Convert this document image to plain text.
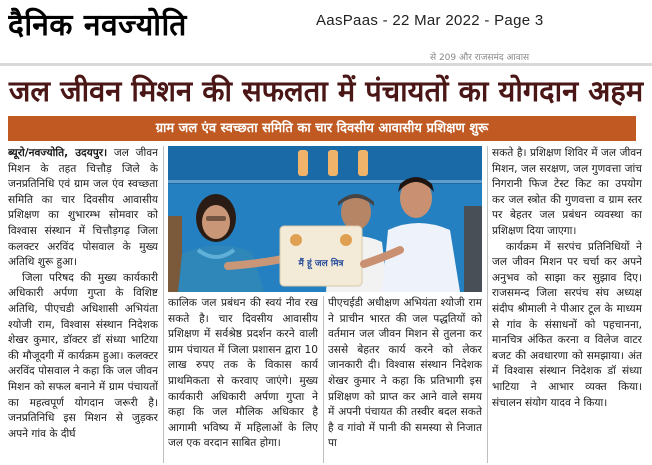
दैनिक नवज्योति	AasPaas - 22 Mar 2022 - Page 3
से 209 और राजसमंद आवास
जल जीवन मिशन की सफलता में पंचायतों का योगदान अहम
ग्राम जल एंव स्वच्छता समिति का चार दिवसीय आवासीय प्रशिक्षण शुरू

ब्यूरो/नवज्योति, उदयपुर। जल जीवन मिशन के तहत चित्तौड़ जिले के जनप्रतिनिधि एवं ग्राम जल एंव स्वच्छता समिति का चार दिवसीय आवासीय प्रशिक्षण का शुभारम्भ सोमवार को विश्वास संस्थान में चित्तौड़गढ़ जिला कलक्टर अरविंद पोसवाल के मुख्य अतिथि शुरू हुआ।

जिला परिषद की मुख्य कार्यकारी अधिकारी अर्पणा गुप्ता के विशिष्ट अतिथि, पीएचडी अधिशासी अभियंता श्योजी राम, विश्वास संस्थान निदेशक शेखर कुमार, डॉक्टर डॉ संध्या भाटिया की मौजूदगी में कार्यक्रम हुआ। कलक्टर अरविंद पोसवाल ने कहा कि जल जीवन मिशन को सफल बनाने में ग्राम पंचायतों का महत्वपूर्ण योगदान जरूरी है। जनप्रतिनिधि इस मिशन से जुड़कर अपने गांव के दीर्घ

मैं हूं जल मित्र

कालिक जल प्रबंधन की स्वयं नीव रख सकते है। चार दिवसीय आवासीय प्रशिक्षण में सर्वश्रेष्ठ प्रदर्शन करने वाली ग्राम पंचायत में जिला प्रशासन द्वारा 10 लाख रुपए तक के विकास कार्य प्राथमिकता से करवाए जाएंगे। मुख्य कार्यकारी अधिकारी अर्पणा गुप्ता ने कहा कि जल मौलिक अधिकार है आगामी भविष्य में महिलाओं के लिए जल एक वरदान साबित होगा।

पीएचईडी अधीक्षण अभियंता श्योजी राम ने प्राचीन भारत की जल पद्धतियों को वर्तमान जल जीवन मिशन से तुलना कर उससे बेहतर कार्य करने को लेकर जानकारी दी। विश्वास संस्थान निदेशक शेखर कुमार ने कहा कि प्रतिभागी इस प्रशिक्षण को प्राप्त कर आने वाले समय में अपनी पंचायत की तस्वीर बदल सकते है व गांवो में पानी की समस्या से निजात पा

सकते है। प्रशिक्षण शिविर में जल जीवन मिशन, जल सरक्षण, जल गुणवत्ता जांच निगरानी फिज टेस्ट किट का उपयोग कर जल स्त्रोत की गुणवत्ता व ग्राम स्तर पर बेहतर जल प्रबंधन व्यवस्था का प्रशिक्षण दिया जाएगा।

कार्यक्रम में सरपंच प्रतिनिधियों ने जल जीवन मिशन पर चर्चा कर अपने अनुभव को साझा कर सुझाव दिए। राजसमन्द जिला सरपंच संघ अध्यक्ष संदीप श्रीमाली ने पीआर टूल के माध्यम से गांव के संसाधनों को पहचानना, मानचित्र अंकित करना व विलेज वाटर बजट की अवधारणा को समझाया। अंत में विश्वास संस्थान निदेशक डॉ संध्या भाटिया ने आभार व्यक्त किया। संचालन संयोग यादव ने किया।
